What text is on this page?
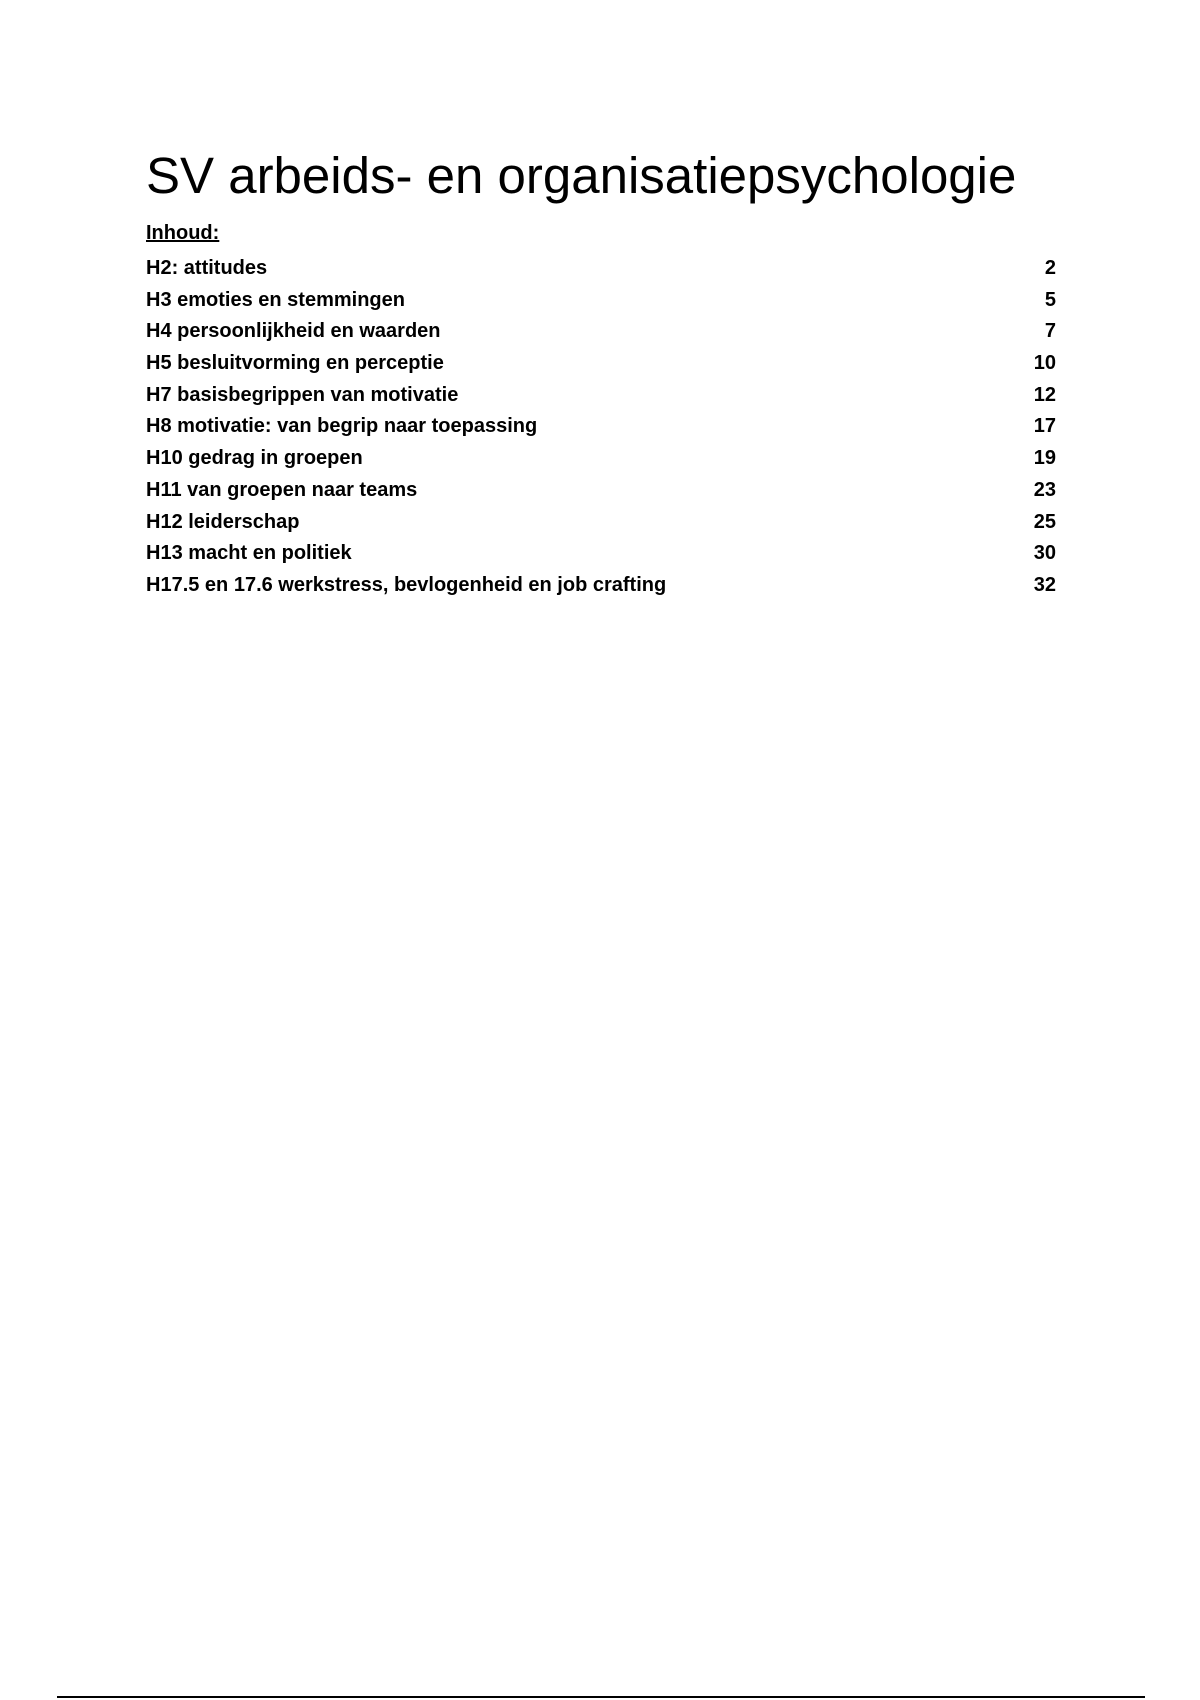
SV arbeids- en organisatiepsychologie
Inhoud:
H2: attitudes	2
H3 emoties en stemmingen	5
H4 persoonlijkheid en waarden	7
H5 besluitvorming en perceptie	10
H7 basisbegrippen van motivatie	12
H8 motivatie: van begrip naar toepassing	17
H10 gedrag in groepen	19
H11 van groepen naar teams	23
H12 leiderschap	25
H13 macht en politiek	30
H17.5 en 17.6 werkstress, bevlogenheid en job crafting	32
